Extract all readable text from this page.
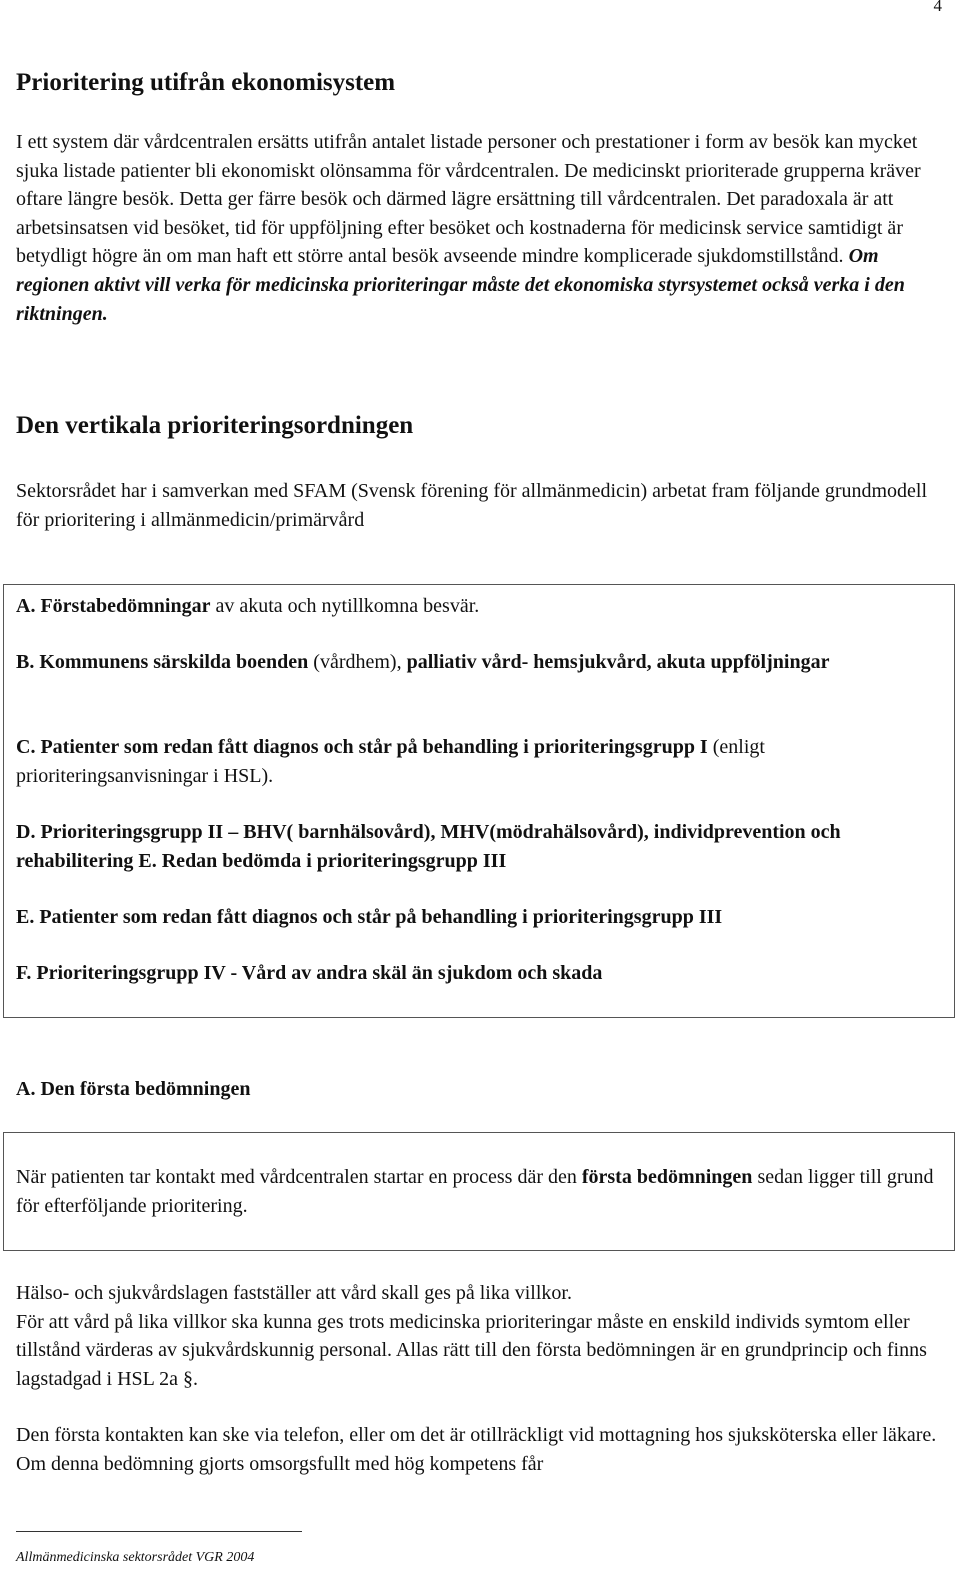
4
Prioritering utifrån ekonomisystem

I ett system där vårdcentralen ersätts utifrån antalet listade personer och prestationer i form av besök kan mycket sjuka listade patienter bli ekonomiskt olönsamma för vårdcentralen. De medicinskt prioriterade grupperna kräver oftare längre besök. Detta ger färre besök och därmed lägre ersättning till vårdcentralen. Det paradoxala är att arbetsinsatsen vid besöket, tid för uppföljning efter besöket och kostnaderna för medicinsk service samtidigt är betydligt högre än om man haft ett större antal besök avseende mindre komplicerade sjukdomstillstånd. Om regionen aktivt vill verka för medicinska prioriteringar måste det ekonomiska styrsystemet också verka i den riktningen.

Den vertikala prioriteringsordningen

Sektorsrådet har i samverkan med SFAM (Svensk förening för allmänmedicin) arbetat fram följande grundmodell för prioritering i allmänmedicin/primärvård

A. Den första bedömningen

Hälso- och sjukvårdslagen fastställer att vård skall ges på lika villkor.
För att vård på lika villkor ska kunna ges trots medicinska prioriteringar måste en enskild individs symtom eller tillstånd värderas av sjukvårdskunnig personal. Allas rätt till den första bedömningen är en grundprincip och finns lagstadgad i HSL 2a §.

Den första kontakten kan ske via telefon, eller om det är otillräckligt vid mottagning hos sjuksköterska eller läkare. Om denna bedömning gjorts omsorgsfullt med hög kompetens får

A. Förstabedömningar av akuta och nytillkomna besvär.
B. Kommunens särskilda boenden (vårdhem), palliativ vård- hemsjukvård, akuta uppföljningar
C. Patienter som redan fått diagnos och står på behandling i prioriteringsgrupp I (enligt prioriteringsanvisningar i HSL).
D. Prioriteringsgrupp II – BHV( barnhälsovård), MHV(mödrahälsovård), individprevention och rehabilitering E. Redan bedömda i prioriteringsgrupp III
E. Patienter som redan fått diagnos och står på behandling i prioriteringsgrupp III
F. Prioriteringsgrupp IV - Vård av andra skäl än sjukdom och skada
När patienten tar kontakt med vårdcentralen startar en process där den första bedömningen sedan ligger till grund för efterföljande prioritering.
Allmänmedicinska sektorsrådet VGR 2004
